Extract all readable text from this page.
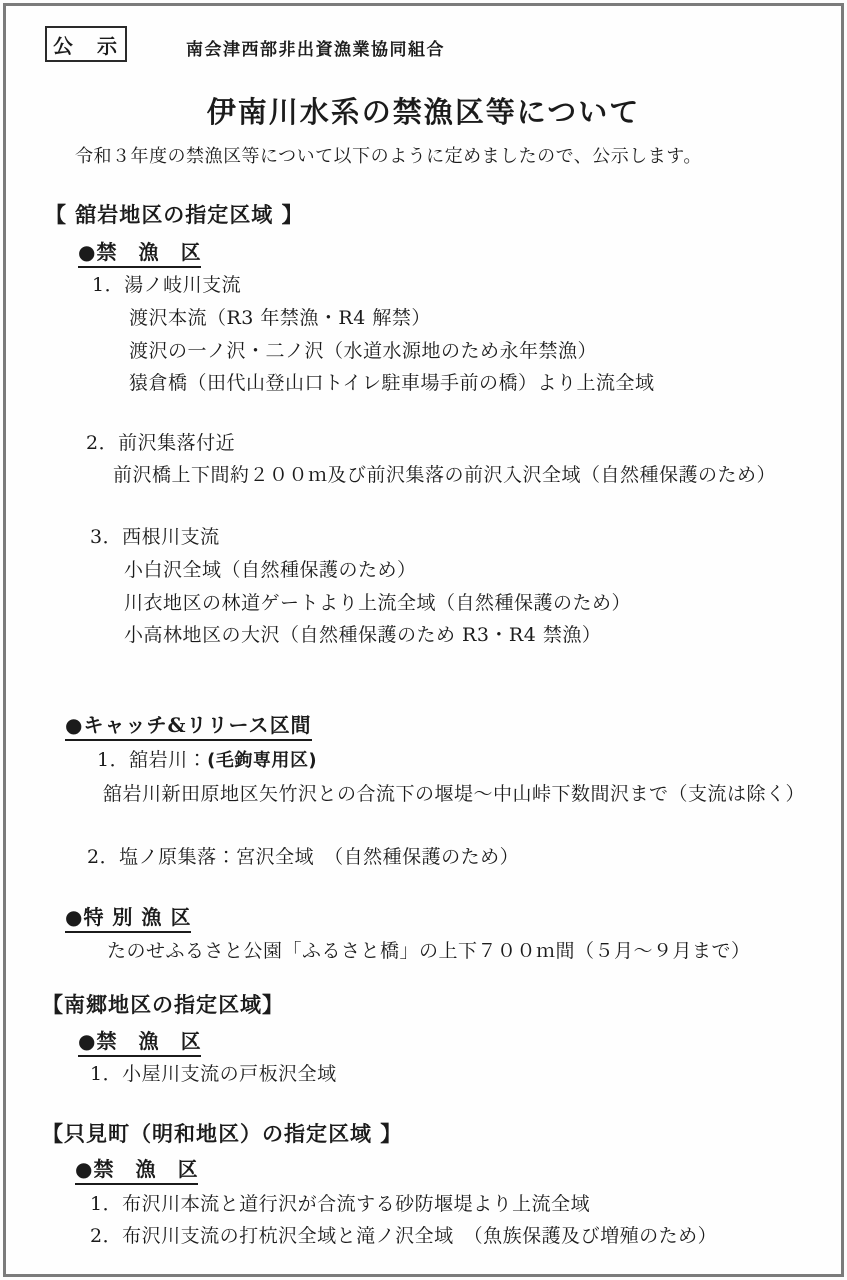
公　示	南会津西部非出資漁業協同組合
伊南川水系の禁漁区等について
令和３年度の禁漁区等について以下のように定めましたので、公示します。
【 舘岩地区の指定区域 】
●禁　漁　区
1．湯ノ岐川支流
渡沢本流（R3 年禁漁・R4 解禁）
渡沢の一ノ沢・二ノ沢（水道水源地のため永年禁漁）
猿倉橋（田代山登山口トイレ駐車場手前の橋）より上流全域
2．前沢集落付近
前沢橋上下間約２００ｍ及び前沢集落の前沢入沢全域（自然種保護のため）
3．西根川支流
小白沢全域（自然種保護のため）
川衣地区の林道ゲートより上流全域（自然種保護のため）
小高林地区の大沢（自然種保護のため R3・R4 禁漁）
●キャッチ&リリース区間
1．舘岩川：(毛鉤専用区)
舘岩川新田原地区矢竹沢との合流下の堰堤～中山峠下数間沢まで（支流は除く）
2．塩ノ原集落：宮沢全域　（自然種保護のため）
●特 別 漁 区
たのせふるさと公園「ふるさと橋」の上下７００ｍ間（５月～９月まで）
【南郷地区の指定区域】
●禁　漁　区
1．小屋川支流の戸板沢全域
【只見町（明和地区）の指定区域 】
●禁　漁　区
1．布沢川本流と道行沢が合流する砂防堰堤より上流全域
2．布沢川支流の打杭沢全域と滝ノ沢全域　（魚族保護及び増殖のため）
